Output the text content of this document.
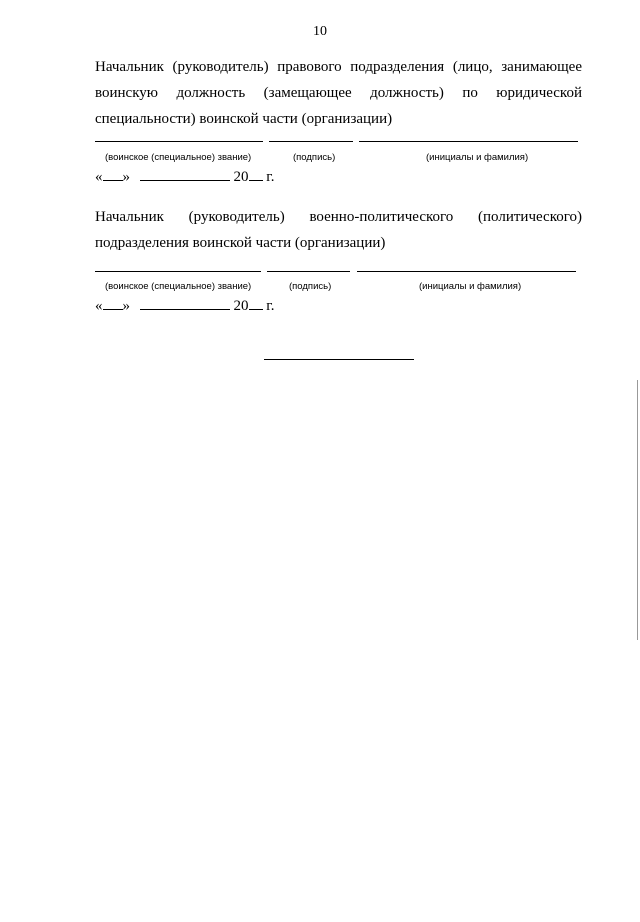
10
Начальник (руководитель) правового подразделения (лицо, занимающее
воинскую должность (замещающее должность) по юридической
специальности) воинской части (организации)
(воинское (специальное) звание)	(подпись)	(инициалы и фамилия)
« »	20 г.
Начальник (руководитель) военно-политического (политического)
подразделения воинской части (организации)
(воинское (специальное) звание)	(подпись)	(инициалы и фамилия)
« »	20 г.
